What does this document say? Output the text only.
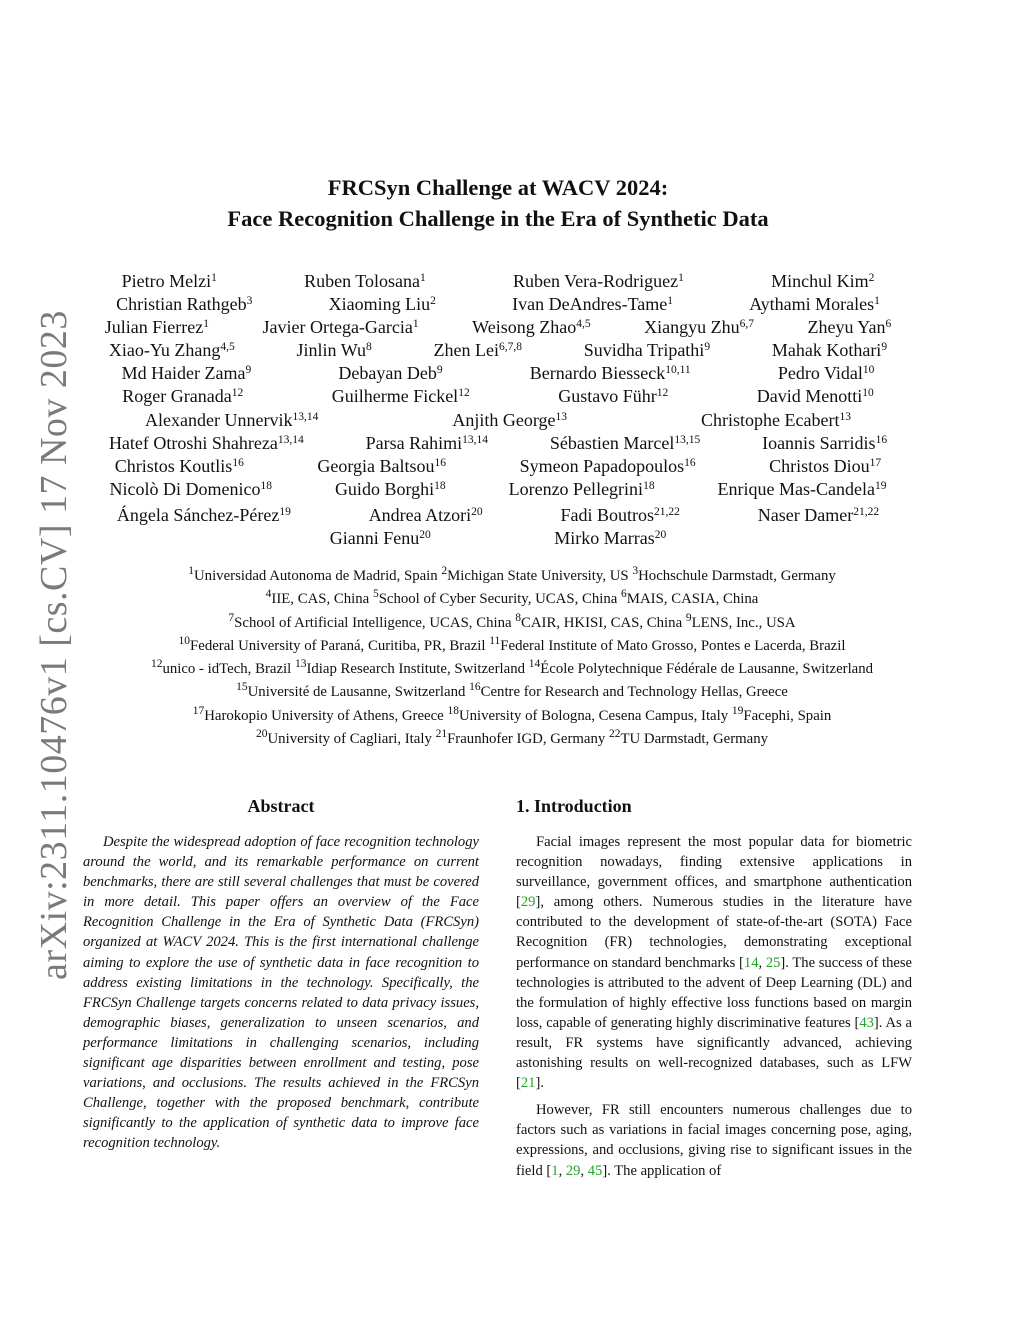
arXiv:2311.10476v1 [cs.CV] 17 Nov 2023
FRCSyn Challenge at WACV 2024:
Face Recognition Challenge in the Era of Synthetic Data
Pietro Melzi$^1$	Ruben Tolosana$^1$	Ruben Vera-Rodriguez$^1$	Minchul Kim$^2$
Christian Rathgeb$^3$	Xiaoming Liu$^2$	Ivan DeAndres-Tame$^1$	Aythami Morales$^1$
Julian Fierrez$^1$	Javier Ortega-Garcia$^1$	Weisong Zhao$^{4,5}$	Xiangyu Zhu$^{6,7}$	Zheyu Yan$^6$
Xiao-Yu Zhang$^{4,5}$	Jinlin Wu$^8$	Zhen Lei$^{6,7,8}$	Suvidha Tripathi$^9$	Mahak Kothari$^9$
Md Haider Zama$^9$	Debayan Deb$^9$	Bernardo Biesseck$^{10,11}$	Pedro Vidal$^{10}$
Roger Granada$^{12}$	Guilherme Fickel$^{12}$	Gustavo Führ$^{12}$	David Menotti$^{10}$
Alexander Unnervik$^{13,14}$	Anjith George$^{13}$	Christophe Ecabert$^{13}$
Hatef Otroshi Shahreza$^{13,14}$	Parsa Rahimi$^{13,14}$	Sébastien Marcel$^{13,15}$	Ioannis Sarridis$^{16}$
Christos Koutlis$^{16}$	Georgia Baltsou$^{16}$	Symeon Papadopoulos$^{16}$	Christos Diou$^{17}$
Nicolò Di Domenico$^{18}$	Guido Borghi$^{18}$	Lorenzo Pellegrini$^{18}$	Enrique Mas-Candela$^{19}$
Ángela Sánchez-Pérez$^{19}$	Andrea Atzori$^{20}$	Fadi Boutros$^{21,22}$	Naser Damer$^{21,22}$
Gianni Fenu$^{20}$	Mirko Marras$^{20}$
$^1$Universidad Autonoma de Madrid, Spain $^2$Michigan State University, US $^3$Hochschule Darmstadt, Germany
$^4$IIE, CAS, China $^5$School of Cyber Security, UCAS, China $^6$MAIS, CASIA, China
$^7$School of Artificial Intelligence, UCAS, China $^8$CAIR, HKISI, CAS, China $^9$LENS, Inc., USA
$^{10}$Federal University of Paraná, Curitiba, PR, Brazil $^{11}$Federal Institute of Mato Grosso, Pontes e Lacerda, Brazil
$^{12}$unico - idTech, Brazil $^{13}$Idiap Research Institute, Switzerland $^{14}$École Polytechnique Fédérale de Lausanne, Switzerland
$^{15}$Université de Lausanne, Switzerland $^{16}$Centre for Research and Technology Hellas, Greece
$^{17}$Harokopio University of Athens, Greece $^{18}$University of Bologna, Cesena Campus, Italy $^{19}$Facephi, Spain
$^{20}$University of Cagliari, Italy $^{21}$Fraunhofer IGD, Germany $^{22}$TU Darmstadt, Germany
Abstract

Despite the widespread adoption of face recognition technology around the world, and its remarkable performance on current benchmarks, there are still several challenges that must be covered in more detail. This paper offers an overview of the Face Recognition Challenge in the Era of Synthetic Data (FRCSyn) organized at WACV 2024. This is the first international challenge aiming to explore the use of synthetic data in face recognition to address existing limitations in the technology. Specifically, the FRCSyn Challenge targets concerns related to data privacy issues, demographic biases, generalization to unseen scenarios, and performance limitations in challenging scenarios, including significant age disparities between enrollment and testing, pose variations, and occlusions. The results achieved in the FRCSyn Challenge, together with the proposed benchmark, contribute significantly to the application of synthetic data to improve face recognition technology.

1. Introduction

Facial images represent the most popular data for biometric recognition nowadays, finding extensive applications in surveillance, government offices, and smartphone authentication [29], among others. Numerous studies in the literature have contributed to the development of state-of-the-art (SOTA) Face Recognition (FR) technologies, demonstrating exceptional performance on standard benchmarks [14, 25]. The success of these technologies is attributed to the advent of Deep Learning (DL) and the formulation of highly effective loss functions based on margin loss, capable of generating highly discriminative features [43]. As a result, FR systems have significantly advanced, achieving astonishing results on well-recognized databases, such as LFW [21].

However, FR still encounters numerous challenges due to factors such as variations in facial images concerning pose, aging, expressions, and occlusions, giving rise to significant issues in the field [1, 29, 45]. The application of
